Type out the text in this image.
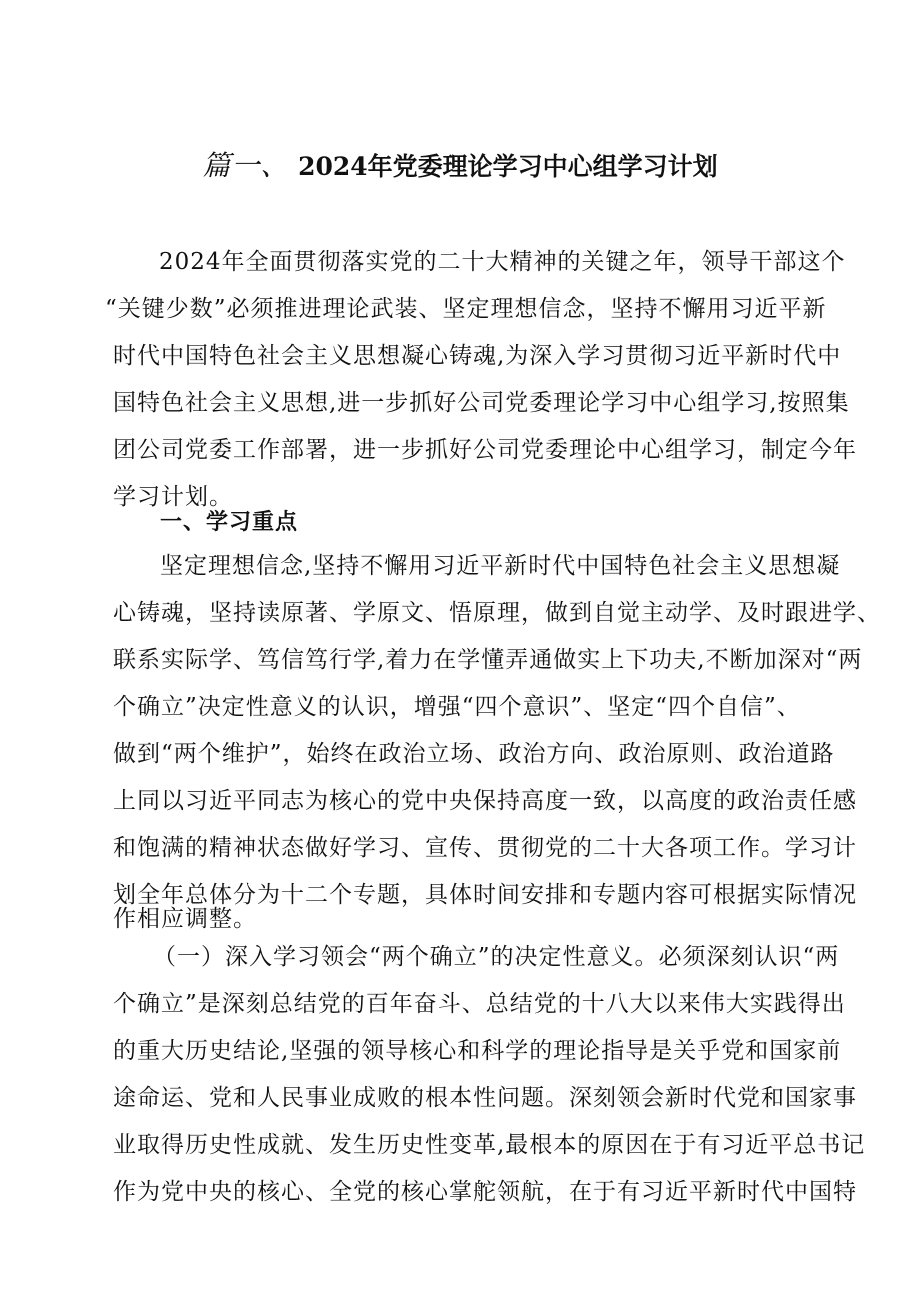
篇一、 2024年党委理论学习中心组学习计划
2024年全面贯彻落实党的二十大精神的关键之年，领导干部这个
“关键少数”必须推进理论武装、坚定理想信念，坚持不懈用习近平新
时代中国特色社会主义思想凝心铸魂,为深入学习贯彻习近平新时代中
国特色社会主义思想,进一步抓好公司党委理论学习中心组学习,按照集
团公司党委工作部署，进一步抓好公司党委理论中心组学习，制定今年
学习计划。
一、学习重点
坚定理想信念,坚持不懈用习近平新时代中国特色社会主义思想凝
心铸魂，坚持读原著、学原文、悟原理，做到自觉主动学、及时跟进学、
联系实际学、笃信笃行学,着力在学懂弄通做实上下功夫,不断加深对“两
个确立”决定性意义的认识，增强“四个意识”、坚定“四个自信”、
做到“两个维护”，始终在政治立场、政治方向、政治原则、政治道路
上同以习近平同志为核心的党中央保持高度一致，以高度的政治责任感
和饱满的精神状态做好学习、宣传、贯彻党的二十大各项工作。学习计
划全年总体分为十二个专题，具体时间安排和专题内容可根据实际情况
作相应调整。
（一）深入学习领会“两个确立”的决定性意义。必须深刻认识“两
个确立”是深刻总结党的百年奋斗、总结党的十八大以来伟大实践得出
的重大历史结论,坚强的领导核心和科学的理论指导是关乎党和国家前
途命运、党和人民事业成败的根本性问题。深刻领会新时代党和国家事
业取得历史性成就、发生历史性变革,最根本的原因在于有习近平总书记
作为党中央的核心、全党的核心掌舵领航，在于有习近平新时代中国特
